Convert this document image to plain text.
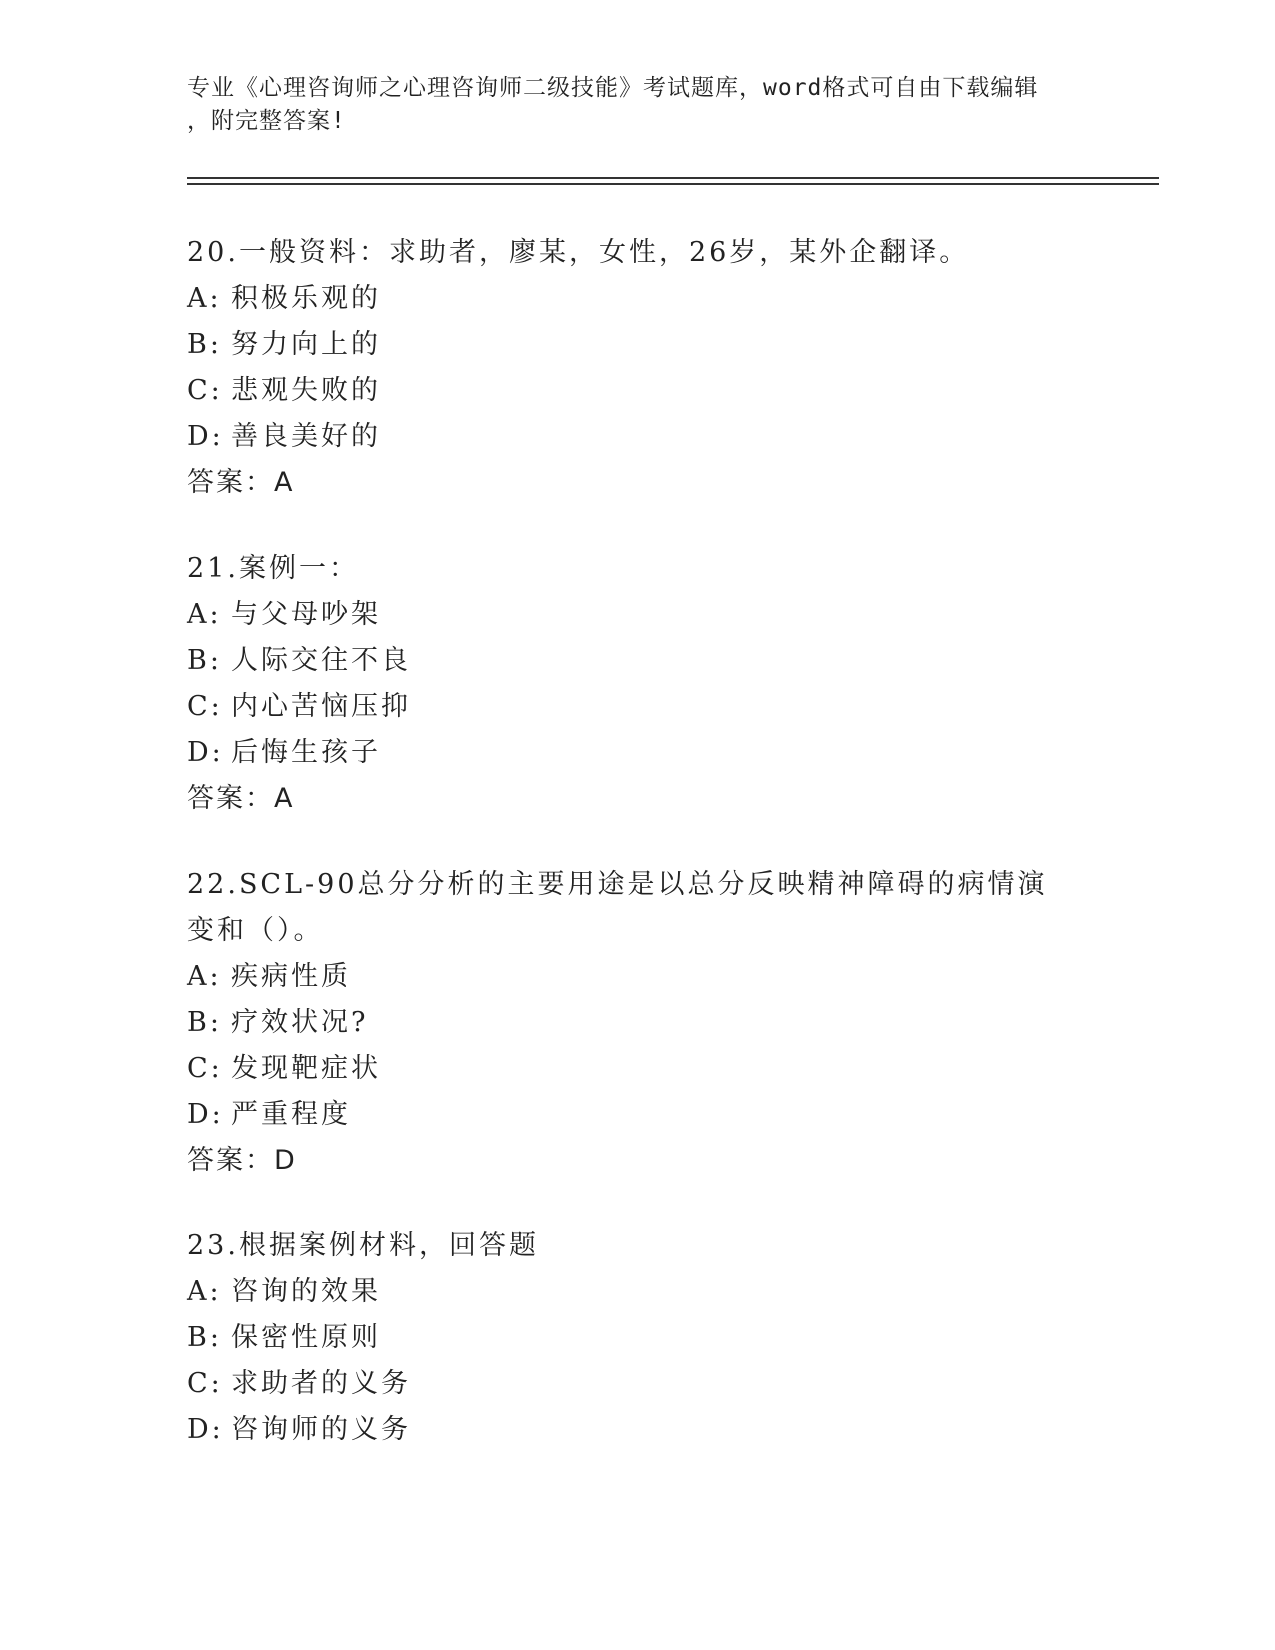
专业《心理咨询师之心理咨询师二级技能》考试题库，word格式可自由下载编辑
，附完整答案!
20.一般资料：求助者，廖某，女性，26岁，某外企翻译。
A: 积极乐观的
B: 努力向上的
C: 悲观失败的
D: 善良美好的
答案：A
21.案例一：
A: 与父母吵架
B: 人际交往不良
C: 内心苦恼压抑
D: 后悔生孩子
答案：A
22.SCL-90总分分析的主要用途是以总分反映精神障碍的病情演变和（）。
A: 疾病性质
B: 疗效状况?
C: 发现靶症状
D: 严重程度
答案：D
23.根据案例材料，回答题
A: 咨询的效果
B: 保密性原则
C: 求助者的义务
D: 咨询师的义务
